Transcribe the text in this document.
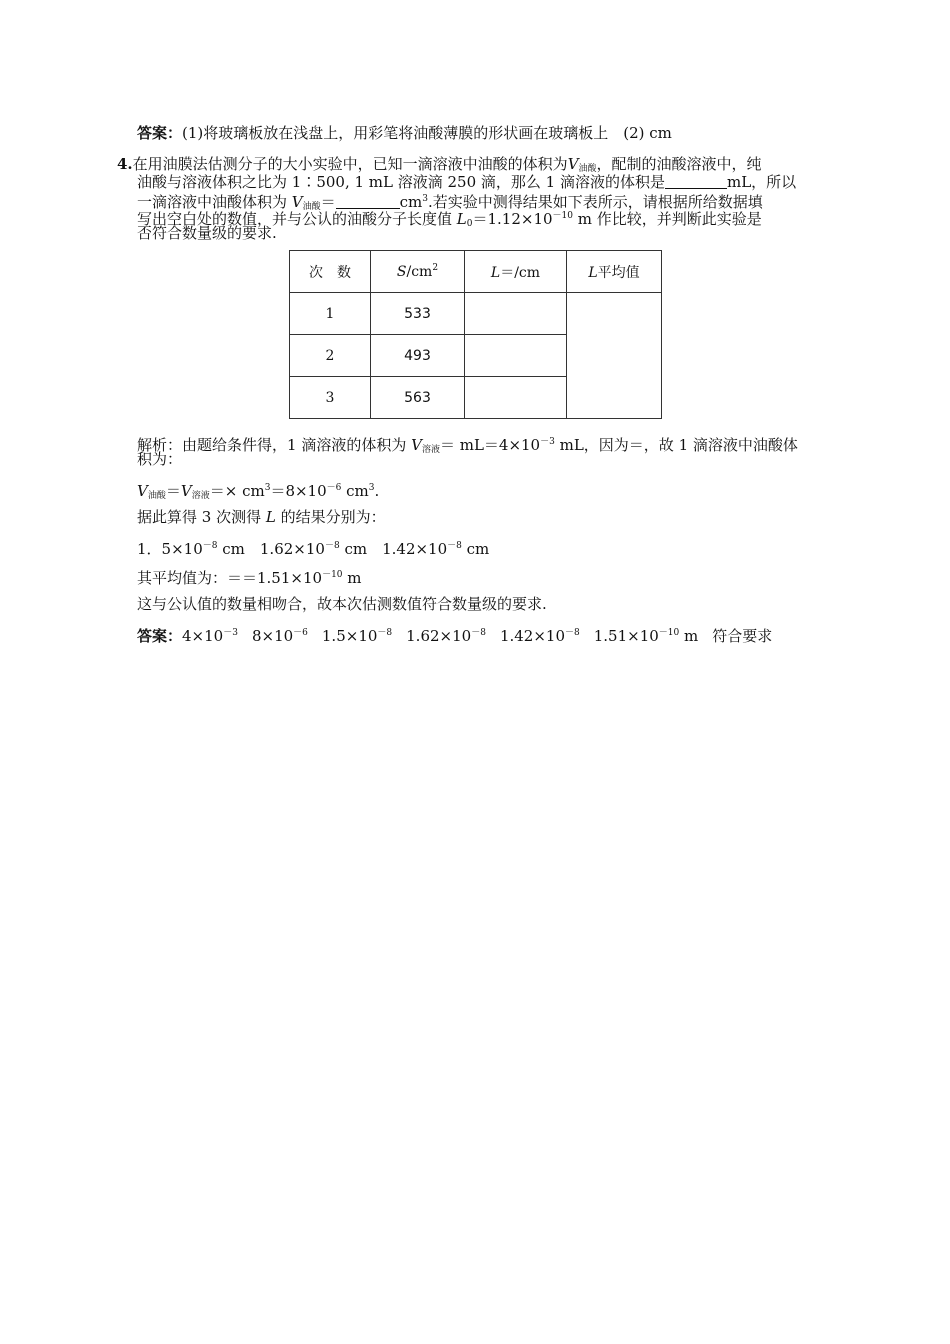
答案：(1)将玻璃板放在浅盘上，用彩笔将油酸薄膜的形状画在玻璃板上　(2) cm
4.在用油膜法估测分子的大小实验中，已知一滴溶液中油酸的体积为$V_{油酸}$，配制的油酸溶液中，纯
油酸与溶液体积之比为 1∶500, 1 mL 溶液滴 250 滴，那么 1 滴溶液的体积是	mL，所以
一滴溶液中油酸体积为 $V_{油酸}=$	$cm^3$.若实验中测得结果如下表所示，请根据所给数据填
写出空白处的数值，并与公认的油酸分子长度值 $L_0=1.12\times 10^{-10}$ m 作比较，并判断此实验是
否符合数量级的要求.
次　数	$S/cm^2$	L＝/cm	L平均值
1	533		
2	493		
3	563		
解析：由题给条件得，1 滴溶液的体积为 $V_{溶液}= mL=4\times 10^{-3}$ mL，因为＝，故 1 滴溶液中油酸体
积为：
$V_{油酸}=V_{溶液}=\times cm^3=8\times 10^{-6}$ $cm^3$.
据此算得 3 次测得 L 的结果分别为：
1．$5\times 10^{-8}$ cm　$1.62\times 10^{-8}$ cm　$1.42\times 10^{-8}$ cm
其平均值为：$==1.51\times 10^{-10}$ m
这与公认值的数量相吻合，故本次估测数值符合数量级的要求.
答案：$4\times 10^{-3}$ $8\times 10^{-6}$ $1.5\times 10^{-8}$ $1.62\times 10^{-8}$ $1.42\times 10^{-8}$ $1.51\times 10^{-10}$ m 符合要求
